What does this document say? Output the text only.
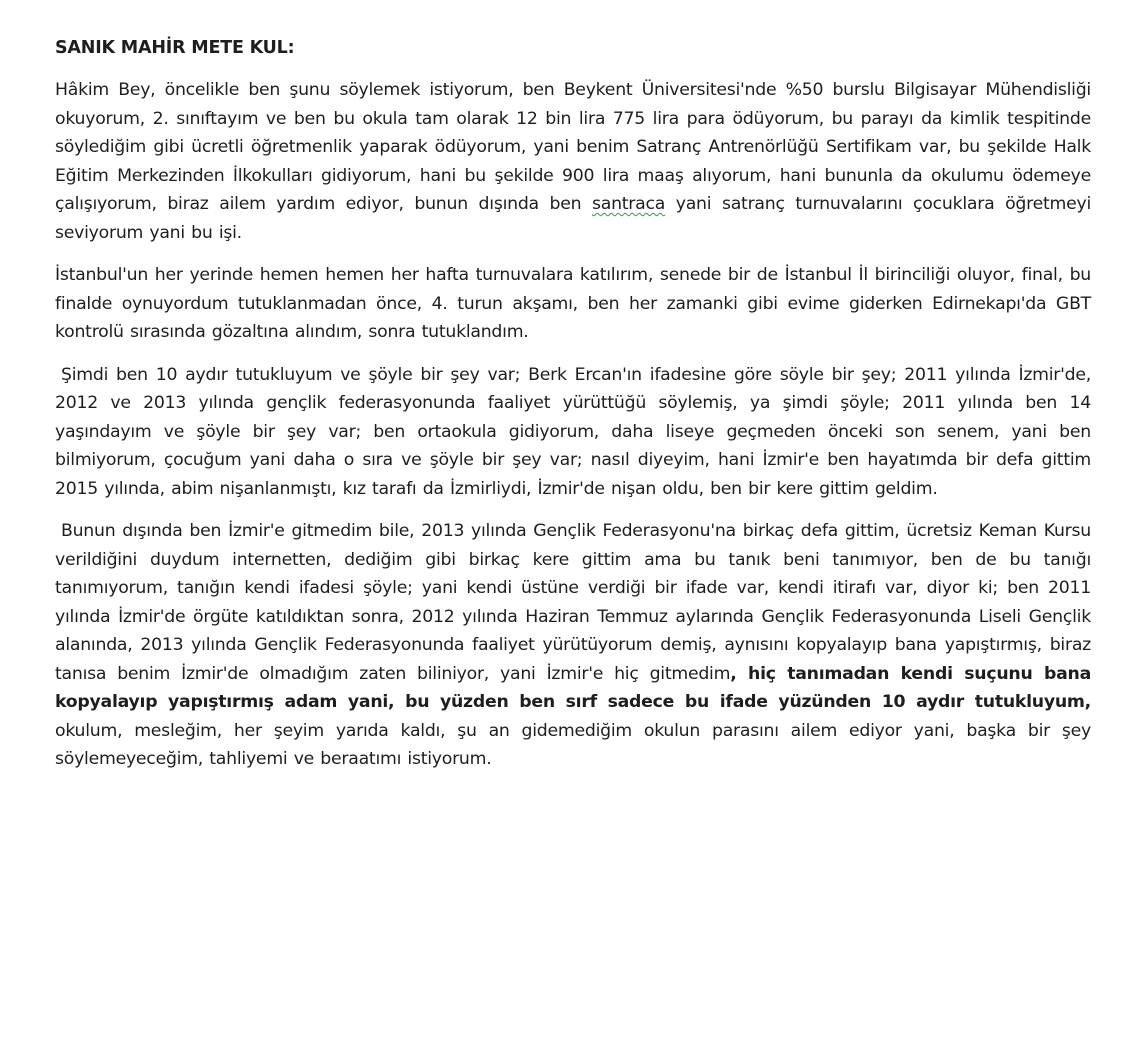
SANIK MAHİR METE KUL:

Hâkim Bey, öncelikle ben şunu söylemek istiyorum, ben Beykent Üniversitesi'nde %50 burslu Bilgisayar Mühendisliği okuyorum, 2. sınıftayım ve ben bu okula tam olarak 12 bin lira 775 lira para ödüyorum, bu parayı da kimlik tespitinde söylediğim gibi ücretli öğretmenlik yaparak ödüyorum, yani benim Satranç Antrenörlüğü Sertifikam var, bu şekilde Halk Eğitim Merkezinden İlkokulları gidiyorum, hani bu şekilde 900 lira maaş alıyorum, hani bununla da okulumu ödemeye çalışıyorum, biraz ailem yardım ediyor, bunun dışında ben santraca yani satranç turnuvalarını çocuklara öğretmeyi seviyorum yani bu işi.

İstanbul'un her yerinde hemen hemen her hafta turnuvalara katılırım, senede bir de İstanbul İl birinciliği oluyor, final, bu finalde oynuyordum tutuklanmadan önce, 4. turun akşamı, ben her zamanki gibi evime giderken Edirnekapı'da GBT kontrolü sırasında gözaltına alındım, sonra tutuklandım.

Şimdi ben 10 aydır tutukluyum ve şöyle bir şey var; Berk Ercan'ın ifadesine göre söyle bir şey; 2011 yılında İzmir'de, 2012 ve 2013 yılında gençlik federasyonunda faaliyet yürüttüğü söylemiş, ya şimdi şöyle; 2011 yılında ben 14 yaşındayım ve şöyle bir şey var; ben ortaokula gidiyorum, daha liseye geçmeden önceki son senem, yani ben bilmiyorum, çocuğum yani daha o sıra ve şöyle bir şey var; nasıl diyeyim, hani İzmir'e ben hayatımda bir defa gittim 2015 yılında, abim nişanlanmıştı, kız tarafı da İzmirliydi, İzmir'de nişan oldu, ben bir kere gittim geldim.

Bunun dışında ben İzmir'e gitmedim bile, 2013 yılında Gençlik Federasyonu'na birkaç defa gittim, ücretsiz Keman Kursu verildiğini duydum internetten, dediğim gibi birkaç kere gittim ama bu tanık beni tanımıyor, ben de bu tanığı tanımıyorum, tanığın kendi ifadesi şöyle; yani kendi üstüne verdiği bir ifade var, kendi itirafı var, diyor ki; ben 2011 yılında İzmir'de örgüte katıldıktan sonra, 2012 yılında Haziran Temmuz aylarında Gençlik Federasyonunda Liseli Gençlik alanında, 2013 yılında Gençlik Federasyonunda faaliyet yürütüyorum demiş, aynısını kopyalayıp bana yapıştırmış, biraz tanısa benim İzmir'de olmadığım zaten biliniyor, yani İzmir'e hiç gitmedim, hiç tanımadan kendi suçunu bana kopyalayıp yapıştırmış adam yani, bu yüzden ben sırf sadece bu ifade yüzünden 10 aydır tutukluyum, okulum, mesleğim, her şeyim yarıda kaldı, şu an gidemediğim okulun parasını ailem ediyor yani, başka bir şey söylemeyeceğim, tahliyemi ve beraatımı istiyorum.
